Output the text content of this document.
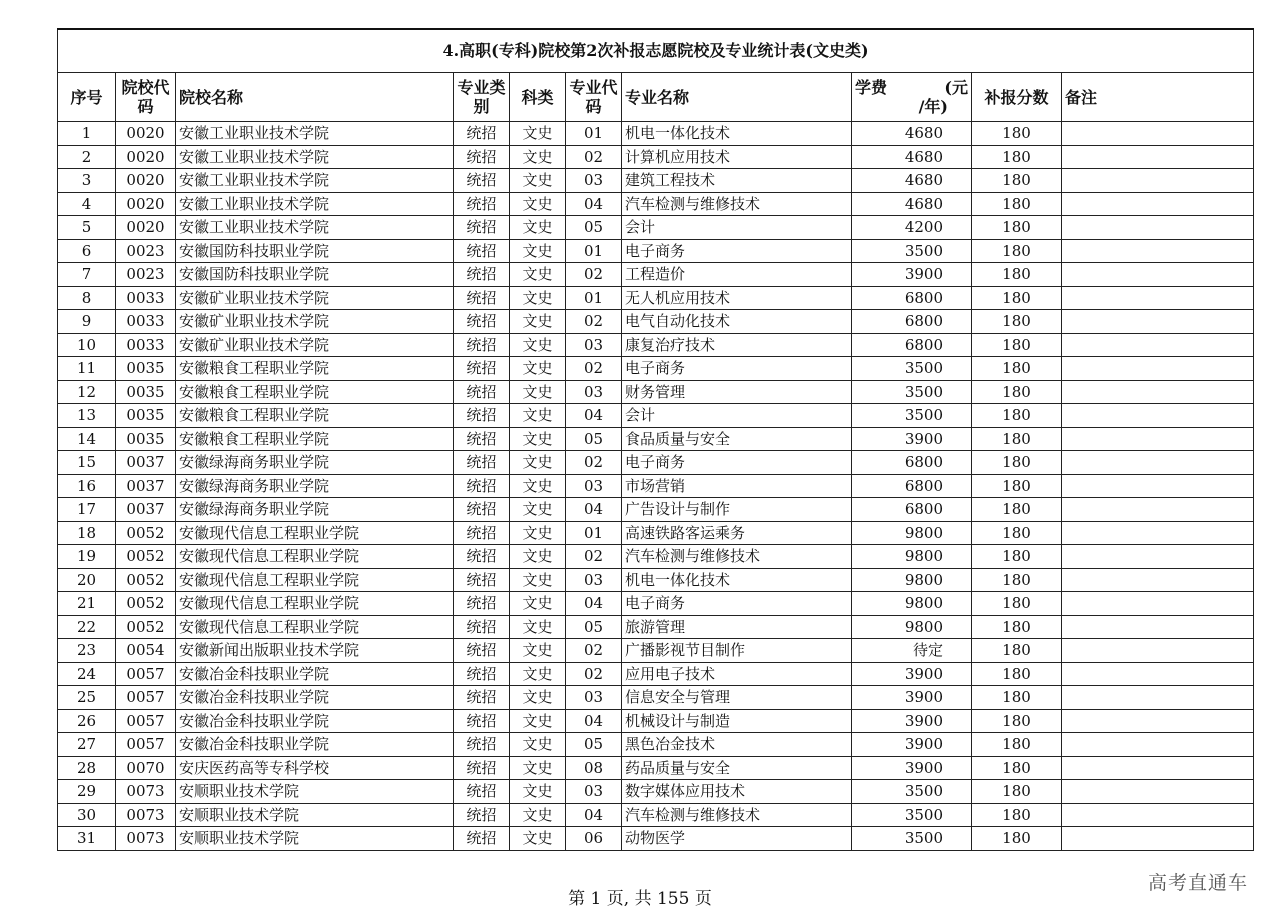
4.高职(专科)院校第2次补报志愿院校及专业统计表(文史类)									
序号	院校代码	院校名称	专业类别	科类	专业代码	专业名称	学费 (元
/年)	补报分数	备注
1	0020	安徽工业职业技术学院	统招	文史	01	机电一体化技术	4680	180	
2	0020	安徽工业职业技术学院	统招	文史	02	计算机应用技术	4680	180	
3	0020	安徽工业职业技术学院	统招	文史	03	建筑工程技术	4680	180	
4	0020	安徽工业职业技术学院	统招	文史	04	汽车检测与维修技术	4680	180	
5	0020	安徽工业职业技术学院	统招	文史	05	会计	4200	180	
6	0023	安徽国防科技职业学院	统招	文史	01	电子商务	3500	180	
7	0023	安徽国防科技职业学院	统招	文史	02	工程造价	3900	180	
8	0033	安徽矿业职业技术学院	统招	文史	01	无人机应用技术	6800	180	
9	0033	安徽矿业职业技术学院	统招	文史	02	电气自动化技术	6800	180	
10	0033	安徽矿业职业技术学院	统招	文史	03	康复治疗技术	6800	180	
11	0035	安徽粮食工程职业学院	统招	文史	02	电子商务	3500	180	
12	0035	安徽粮食工程职业学院	统招	文史	03	财务管理	3500	180	
13	0035	安徽粮食工程职业学院	统招	文史	04	会计	3500	180	
14	0035	安徽粮食工程职业学院	统招	文史	05	食品质量与安全	3900	180	
15	0037	安徽绿海商务职业学院	统招	文史	02	电子商务	6800	180	
16	0037	安徽绿海商务职业学院	统招	文史	03	市场营销	6800	180	
17	0037	安徽绿海商务职业学院	统招	文史	04	广告设计与制作	6800	180	
18	0052	安徽现代信息工程职业学院	统招	文史	01	高速铁路客运乘务	9800	180	
19	0052	安徽现代信息工程职业学院	统招	文史	02	汽车检测与维修技术	9800	180	
20	0052	安徽现代信息工程职业学院	统招	文史	03	机电一体化技术	9800	180	
21	0052	安徽现代信息工程职业学院	统招	文史	04	电子商务	9800	180	
22	0052	安徽现代信息工程职业学院	统招	文史	05	旅游管理	9800	180	
23	0054	安徽新闻出版职业技术学院	统招	文史	02	广播影视节目制作	待定	180	
24	0057	安徽冶金科技职业学院	统招	文史	02	应用电子技术	3900	180	
25	0057	安徽冶金科技职业学院	统招	文史	03	信息安全与管理	3900	180	
26	0057	安徽冶金科技职业学院	统招	文史	04	机械设计与制造	3900	180	
27	0057	安徽冶金科技职业学院	统招	文史	05	黑色冶金技术	3900	180	
28	0070	安庆医药高等专科学校	统招	文史	08	药品质量与安全	3900	180	
29	0073	安顺职业技术学院	统招	文史	03	数字媒体应用技术	3500	180	
30	0073	安顺职业技术学院	统招	文史	04	汽车检测与维修技术	3500	180	
31	0073	安顺职业技术学院	统招	文史	06	动物医学	3500	180	
第 1 页, 共 155 页
高考直通车
